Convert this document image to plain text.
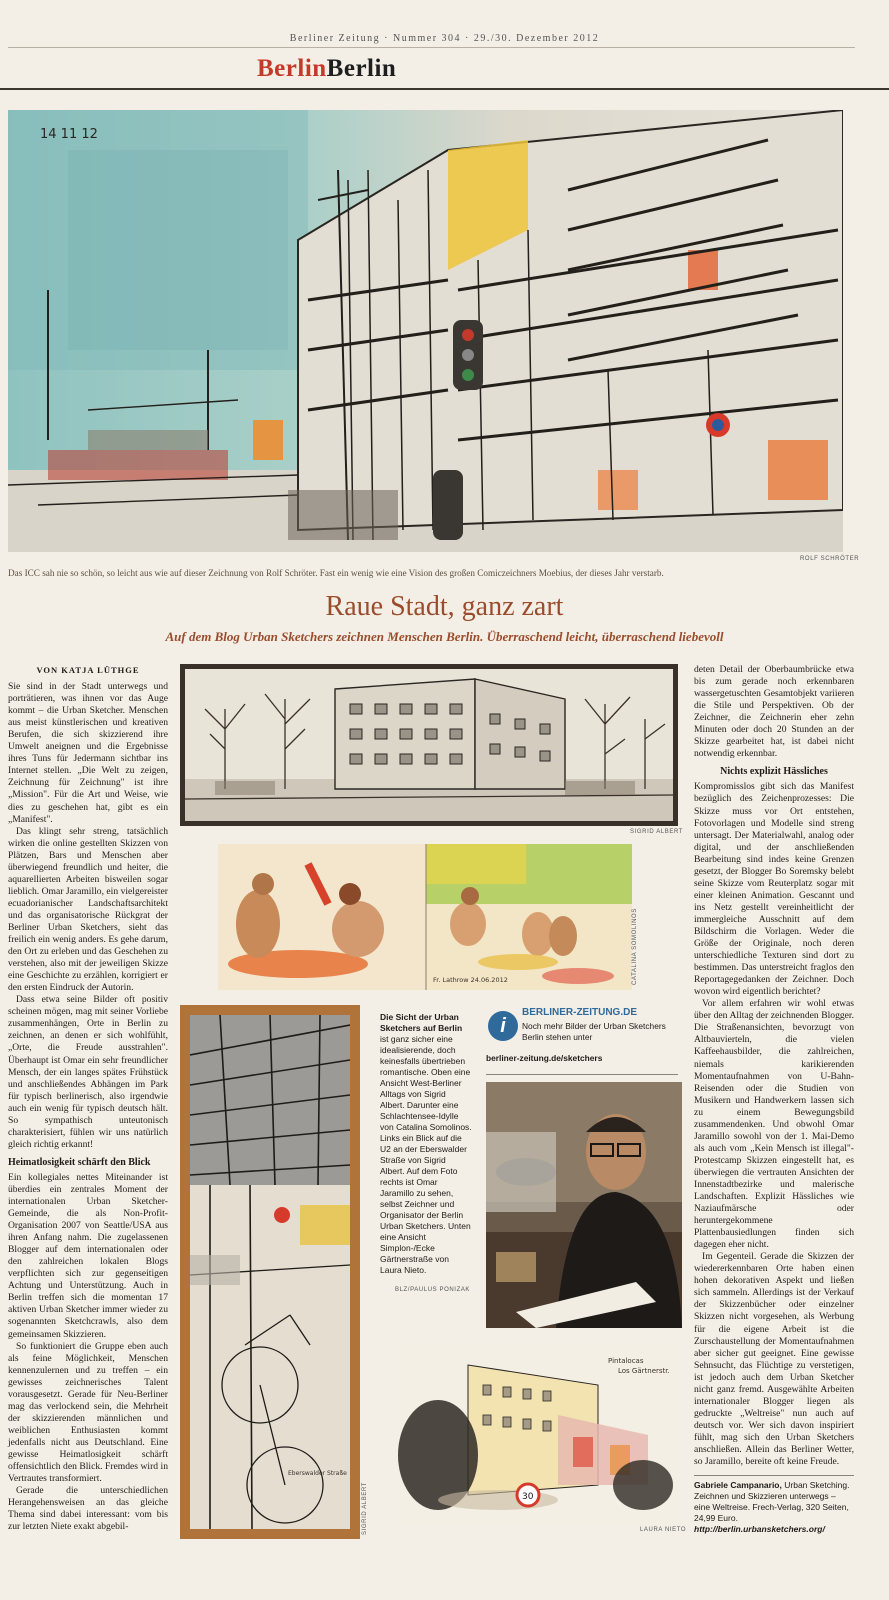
Berliner Zeitung · Nummer 304 · 29./30. Dezember 2012
BerlinBerlin
14 11 12
ROLF SCHRÖTER
Das ICC sah nie so schön, so leicht aus wie auf dieser Zeichnung von Rolf Schröter. Fast ein wenig wie eine Vision des großen Comiczeichners Moebius, der dieses Jahr verstarb.
Raue Stadt, ganz zart
Auf dem Blog Urban Sketchers zeichnen Menschen Berlin. Überraschend leicht, überraschend liebevoll
VON KATJA LÜTHGE

Sie sind in der Stadt unterwegs und porträtieren, was ihnen vor das Auge kommt – die Urban Sketcher. Menschen aus meist künstlerischen und kreativen Berufen, die sich skizzierend ihre Umwelt aneignen und die Ergebnisse ihres Tuns für Jedermann sichtbar ins Internet stellen. „Die Welt zu zeigen, Zeichnung für Zeichnung" ist ihre „Mission". Für die Art und Weise, wie dies zu geschehen hat, gibt es ein „Manifest".

Das klingt sehr streng, tatsächlich wirken die online gestellten Skizzen von Plätzen, Bars und Menschen aber überwiegend freundlich und heiter, die aquarellierten Arbeiten bisweilen sogar lieblich. Omar Jaramillo, ein vielgereister ecuadorianischer Landschaftsarchitekt und das organisatorische Rückgrat der Berliner Urban Sketchers, sieht das freilich ein wenig anders. Es gehe darum, den Ort zu erleben und das Geschehen zu verstehen, also mit der jeweiligen Skizze eine Geschichte zu erzählen, korrigiert er den ersten Eindruck der Autorin.

Dass etwa seine Bilder oft positiv scheinen mögen, mag mit seiner Vorliebe zusammenhängen, Orte in Berlin zu zeichnen, an denen er sich wohlfühlt, „Orte, die Freude ausstrahlen". Überhaupt ist Omar ein sehr freundlicher Mensch, der ein langes spätes Frühstück und anschließendes Abhängen im Park für typisch berlinerisch, also irgendwie auch ein wenig für typisch deutsch hält. So sympathisch unteutonisch charakterisiert, fühlen wir uns natürlich gleich richtig erkannt!

Heimatlosigkeit schärft den Blick

Ein kollegiales nettes Miteinander ist überdies ein zentrales Moment der internationalen Urban Sketcher-Gemeinde, die als Non-Profit-Organisation 2007 von Seattle/USA aus ihren Anfang nahm. Die zugelassenen Blogger auf dem internationalen oder den zahlreichen lokalen Blogs verpflichten sich zur gegenseitigen Achtung und Unterstützung. Auch in Berlin treffen sich die momentan 17 aktiven Urban Sketcher immer wieder zu sogenannten Sketchcrawls, also dem gemeinsamen Skizzieren.

So funktioniert die Gruppe eben auch als feine Möglichkeit, Menschen kennenzulernen und zu treffen – ein gewisses zeichnerisches Talent vorausgesetzt. Gerade für Neu-Berliner mag das verlockend sein, die Mehrheit der skizzierenden männlichen und weiblichen Enthusiasten kommt jedenfalls nicht aus Deutschland. Eine gewisse Heimatlosigkeit schärft offensichtlich den Blick. Fremdes wird in Vertrautes transformiert.

Gerade die unterschiedlichen Herangehensweisen an das gleiche Thema sind dabei interessant: vom bis zur letzten Niete exakt abgebil-

SIGRID ALBERT
Fr. Lathrow 24.06.2012	CATALINA SOMOLINOS
Eberswalder Straße
SIGRID ALBERT
Die Sicht der Urban Sketchers auf Berlin ist ganz sicher eine idealisierende, doch keinesfalls übertrieben romantische. Oben eine Ansicht West-Berliner Alltags von Sigrid Albert. Darunter eine Schlachtensee-Idylle von Catalina Somolinos. Links ein Blick auf die U2 an der Eberswalder Straße von Sigrid Albert. Auf dem Foto rechts ist Omar Jaramillo zu sehen, selbst Zeichner und Organisator der Berlin Urban Sketchers. Unten eine Ansicht Simplon-/Ecke Gärtnerstraße von Laura Nieto.
BLZ/PAULUS PONIZAK
i
BERLINER-ZEITUNG.DE
Noch mehr Bilder der Urban Sketchers Berlin stehen unter
berliner-zeitung.de/sketchers
30
Pintalocas
Los Gärtnerstr.
LAURA NIETO

deten Detail der Oberbaumbrücke etwa bis zum gerade noch erkennbaren wassergetuschten Gesamtobjekt variieren die Stile und Perspektiven. Ob der Zeichner, die Zeichnerin eher zehn Minuten oder doch 20 Stunden an der Skizze gearbeitet hat, ist dabei nicht notwendig erkennbar.

Nichts explizit Hässliches

Kompromisslos gibt sich das Manifest bezüglich des Zeichenprozesses: Die Skizze muss vor Ort entstehen, Fotovorlagen und Modelle sind streng untersagt. Der Materialwahl, analog oder digital, und der anschließenden Bearbeitung sind indes keine Grenzen gesetzt, der Blogger Bo Soremsky belebt seine Skizze vom Reuterplatz sogar mit einer kleinen Animation. Gescannt und ins Netz gestellt vereinheitlicht der immergleiche Ausschnitt auf dem Bildschirm die Vorlagen. Weder die Größe der Originale, noch deren unterschiedliche Texturen sind dort zu bestimmen. Das unterstreicht fraglos den Reportagegedanken der Zeichner. Doch wovon wird eigentlich berichtet?

Vor allem erfahren wir wohl etwas über den Alltag der zeichnenden Blogger. Die Straßenansichten, bevorzugt von Altbauvierteln, die vielen Kaffeehausbilder, die zahlreichen, niemals karikierenden Momentaufnahmen von U-Bahn-Reisenden oder die Studien von Musikern und Handwerkern lassen sich zu einem Bewegungsbild zusammendenken. Und obwohl Omar Jaramillo sowohl von der 1. Mai-Demo als auch vom „Kein Mensch ist illegal"-Protestcamp Skizzen eingestellt hat, es überwiegen die vertrauten Ansichten der Innenstadtbezirke und malerische Landschaften. Explizit Hässliches wie Naziaufmärsche oder heruntergekommene Plattenbausiedlungen finden sich dagegen eher nicht.

Im Gegenteil. Gerade die Skizzen der wiedererkennbaren Orte haben einen hohen dekorativen Aspekt und ließen sich sammeln. Allerdings ist der Verkauf der Skizzenbücher oder einzelner Skizzen nicht vorgesehen, als Werbung für die eigene Arbeit ist die Zurschaustellung der Momentaufnahmen aber sicher gut geeignet. Eine gewisse Sehnsucht, das Flüchtige zu verstetigen, ist jedoch auch dem Urban Sketcher nicht ganz fremd. Ausgewählte Arbeiten internationaler Blogger liegen als gedruckte „Weltreise" nun auch auf deutsch vor. Wer sich davon inspiriert fühlt, mag sich den Urban Sketchers anschließen. Allein das Berliner Wetter, so Jaramillo, bereite oft keine Freude.

Gabriele Campanario, Urban Sketching. Zeichnen und Skizzieren unterwegs – eine Weltreise. Frech-Verlag, 320 Seiten, 24,99 Euro.
http://berlin.urbansketchers.org/
